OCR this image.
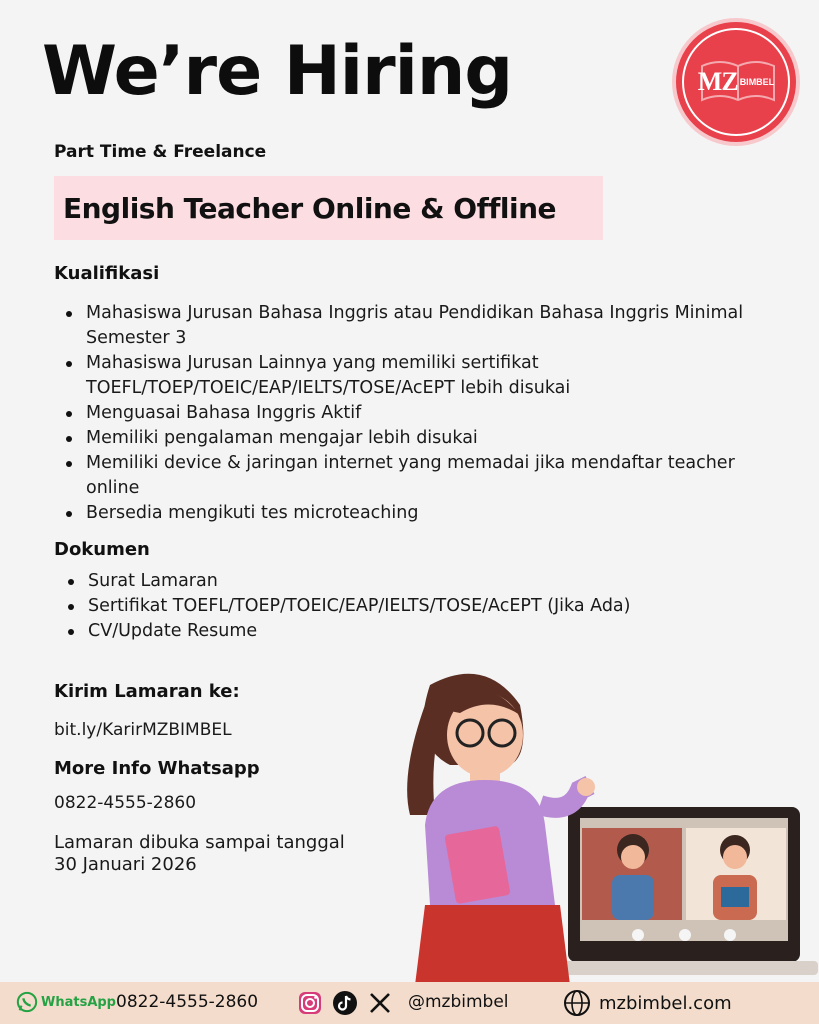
We’re Hiring	MZ BIMBEL
Part Time & Freelance
English Teacher Online & Offline
Kualifikasi
Mahasiswa Jurusan Bahasa Inggris atau Pendidikan Bahasa Inggris Minimal Semester 3
Mahasiswa Jurusan Lainnya yang memiliki sertifikat TOEFL/TOEP/TOEIC/EAP/IELTS/TOSE/AcEPT lebih disukai
Menguasai Bahasa Inggris Aktif
Memiliki pengalaman mengajar lebih disukai
Memiliki device & jaringan internet yang memadai jika mendaftar teacher online
Bersedia mengikuti tes microteaching
Dokumen
Surat Lamaran
Sertifikat TOEFL/TOEP/TOEIC/EAP/IELTS/TOSE/AcEPT (Jika Ada)
CV/Update Resume
Kirim Lamaran ke:
bit.ly/KarirMZBIMBEL
More Info Whatsapp
0822-4555-2860
Lamaran dibuka sampai tanggal 30 Januari 2026
WhatsApp 0822-4555-2860	@mzbimbel	mzbimbel.com
